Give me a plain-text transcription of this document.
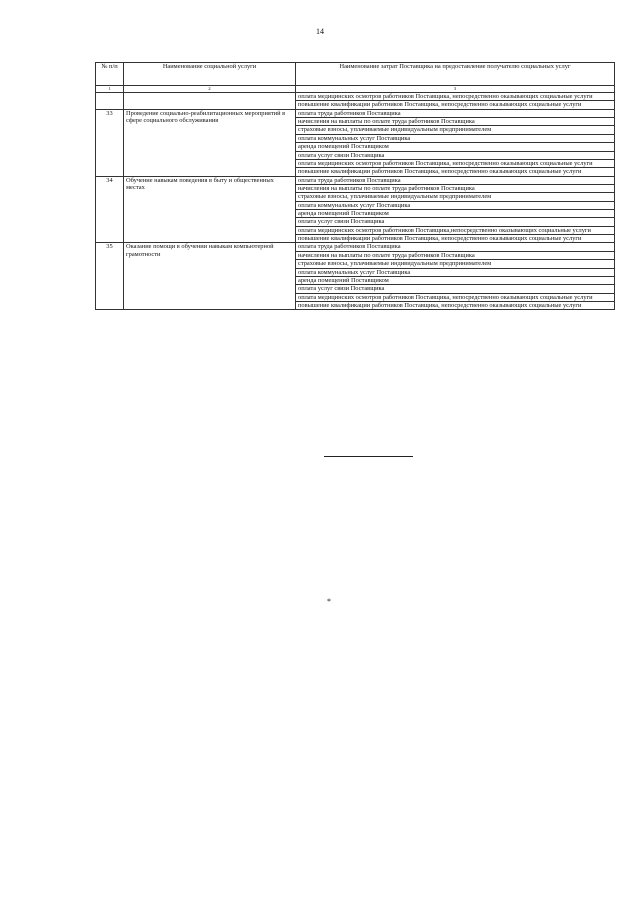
14
№ п/п	Наименование социальной услуги	Наименование затрат Поставщика на предоставление получателю социальных услуг
1	2	3
		оплата медицинских осмотров работников Поставщика, непосредственно оказывающих социальные услуги
		повышение квалификации работников Поставщика, непосредственно оказывающих социальные услуги
33	Проведение социально-реабилитационных мероприятий в сфере социального обслуживания	оплата труда работников Поставщика
		начисления на выплаты по оплате труда работников Поставщика
		страховые взносы, уплачиваемые индивидуальным предпринимателем
		оплата коммунальных услуг Поставщика
		аренда помещений Поставщиком
		оплата услуг связи Поставщика
		оплата медицинских осмотров работников Поставщика, непосредственно оказывающих социальные услуги
		повышение квалификации работников Поставщика, непосредственно оказывающих социальные услуги
34	Обучение навыкам поведения в быту и общественных местах	оплата труда работников Поставщика
		начисления на выплаты по оплате труда работников Поставщика
		страховые взносы, уплачиваемые индивидуальным предпринимателем
		оплата коммунальных услуг Поставщика
		аренда помещений Поставщиком
		оплата услуг связи Поставщика
		оплата медицинских осмотров работников Поставщика,непосредственно оказывающих социальные услуги
		повышение квалификации работников Поставщика, непосредственно оказывающих социальные услуги
35	Оказание помощи в обучении навыкам компьютерной грамотности	оплата труда работников Поставщика
		начисления на выплаты по оплате труда работников Поставщика
		страховые взносы, уплачиваемые индивидуальным предпринимателем
		оплата коммунальных услуг Поставщика
		аренда помещений Поставщиком
		оплата услуг связи Поставщика
		оплата медицинских осмотров работников Поставщика, непосредственно оказывающих социальные услуги
		повышение квалификации работников Поставщика, непосредственно оказывающих социальные услуги
*
